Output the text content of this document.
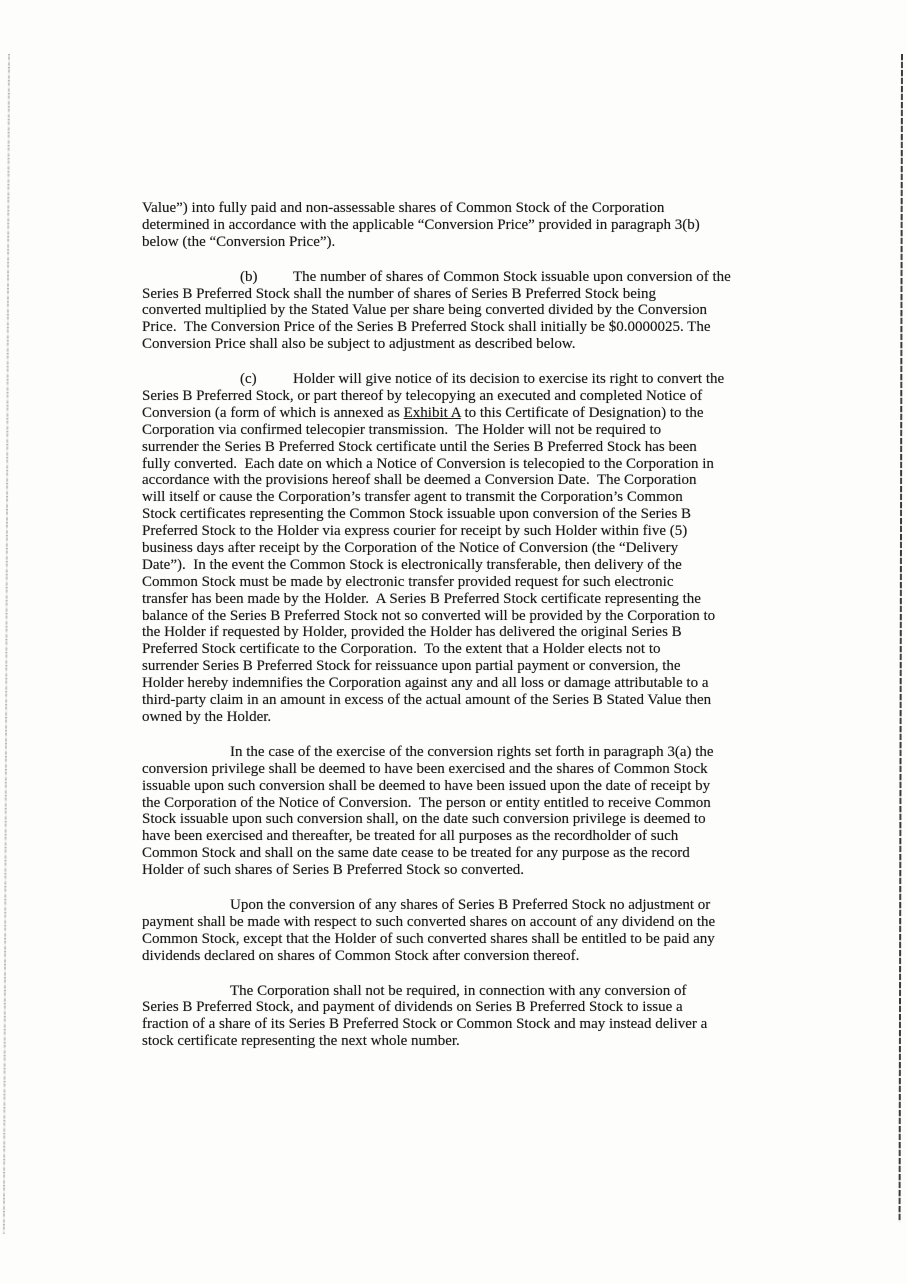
Value”) into fully paid and non-assessable shares of Common Stock of the Corporation
determined in accordance with the applicable “Conversion Price” provided in paragraph 3(b)
below (the “Conversion Price”).
(b) The number of shares of Common Stock issuable upon conversion of the
Series B Preferred Stock shall the number of shares of Series B Preferred Stock being
converted multiplied by the Stated Value per share being converted divided by the Conversion
Price.  The Conversion Price of the Series B Preferred Stock shall initially be $0.0000025. The
Conversion Price shall also be subject to adjustment as described below.
(c) Holder will give notice of its decision to exercise its right to convert the
Series B Preferred Stock, or part thereof by telecopying an executed and completed Notice of
Conversion (a form of which is annexed as Exhibit A to this Certificate of Designation) to the
Corporation via confirmed telecopier transmission.  The Holder will not be required to
surrender the Series B Preferred Stock certificate until the Series B Preferred Stock has been
fully converted.  Each date on which a Notice of Conversion is telecopied to the Corporation in
accordance with the provisions hereof shall be deemed a Conversion Date.  The Corporation
will itself or cause the Corporation’s transfer agent to transmit the Corporation’s Common
Stock certificates representing the Common Stock issuable upon conversion of the Series B
Preferred Stock to the Holder via express courier for receipt by such Holder within five (5)
business days after receipt by the Corporation of the Notice of Conversion (the “Delivery
Date”).  In the event the Common Stock is electronically transferable, then delivery of the
Common Stock must be made by electronic transfer provided request for such electronic
transfer has been made by the Holder.  A Series B Preferred Stock certificate representing the
balance of the Series B Preferred Stock not so converted will be provided by the Corporation to
the Holder if requested by Holder, provided the Holder has delivered the original Series B
Preferred Stock certificate to the Corporation.  To the extent that a Holder elects not to
surrender Series B Preferred Stock for reissuance upon partial payment or conversion, the
Holder hereby indemnifies the Corporation against any and all loss or damage attributable to a
third-party claim in an amount in excess of the actual amount of the Series B Stated Value then
owned by the Holder.
In the case of the exercise of the conversion rights set forth in paragraph 3(a) the
conversion privilege shall be deemed to have been exercised and the shares of Common Stock
issuable upon such conversion shall be deemed to have been issued upon the date of receipt by
the Corporation of the Notice of Conversion.  The person or entity entitled to receive Common
Stock issuable upon such conversion shall, on the date such conversion privilege is deemed to
have been exercised and thereafter, be treated for all purposes as the recordholder of such
Common Stock and shall on the same date cease to be treated for any purpose as the record
Holder of such shares of Series B Preferred Stock so converted.
Upon the conversion of any shares of Series B Preferred Stock no adjustment or
payment shall be made with respect to such converted shares on account of any dividend on the
Common Stock, except that the Holder of such converted shares shall be entitled to be paid any
dividends declared on shares of Common Stock after conversion thereof.
The Corporation shall not be required, in connection with any conversion of
Series B Preferred Stock, and payment of dividends on Series B Preferred Stock to issue a
fraction of a share of its Series B Preferred Stock or Common Stock and may instead deliver a
stock certificate representing the next whole number.
